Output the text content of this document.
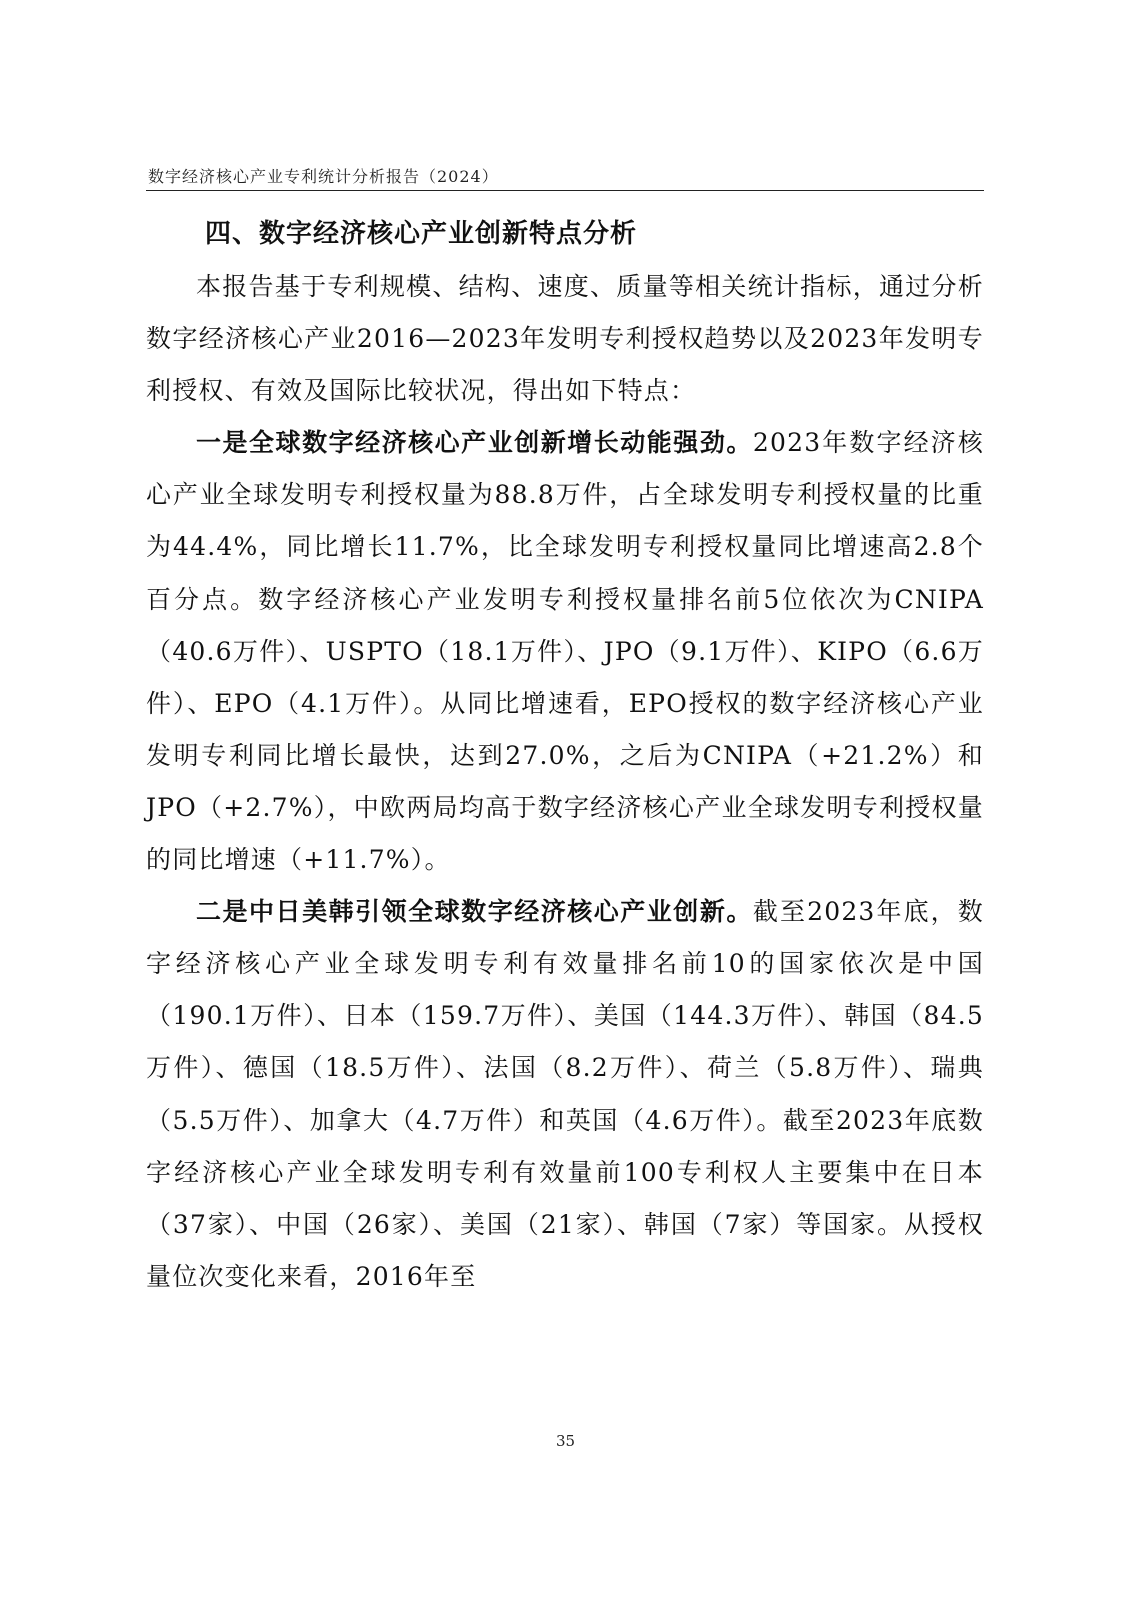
数字经济核心产业专利统计分析报告（2024）
四、数字经济核心产业创新特点分析

本报告基于专利规模、结构、速度、质量等相关统计指标，通过分析数字经济核心产业2016—2023年发明专利授权趋势以及2023年发明专利授权、有效及国际比较状况，得出如下特点：

一是全球数字经济核心产业创新增长动能强劲。2023年数字经济核心产业全球发明专利授权量为88.8万件，占全球发明专利授权量的比重为44.4%，同比增长11.7%，比全球发明专利授权量同比增速高2.8个百分点。数字经济核心产业发明专利授权量排名前5位依次为CNIPA（40.6万件）、USPTO（18.1万件）、JPO（9.1万件）、KIPO（6.6万件）、EPO（4.1万件）。从同比增速看，EPO授权的数字经济核心产业发明专利同比增长最快，达到27.0%，之后为CNIPA（+21.2%）和JPO（+2.7%），中欧两局均高于数字经济核心产业全球发明专利授权量的同比增速（+11.7%）。

二是中日美韩引领全球数字经济核心产业创新。截至2023年底，数字经济核心产业全球发明专利有效量排名前10的国家依次是中国（190.1万件）、日本（159.7万件）、美国（144.3万件）、韩国（84.5万件）、德国（18.5万件）、法国（8.2万件）、荷兰（5.8万件）、瑞典（5.5万件）、加拿大（4.7万件）和英国（4.6万件）。截至2023年底数字经济核心产业全球发明专利有效量前100专利权人主要集中在日本（37家）、中国（26家）、美国（21家）、韩国（7家）等国家。从授权量位次变化来看，2016年至

35
